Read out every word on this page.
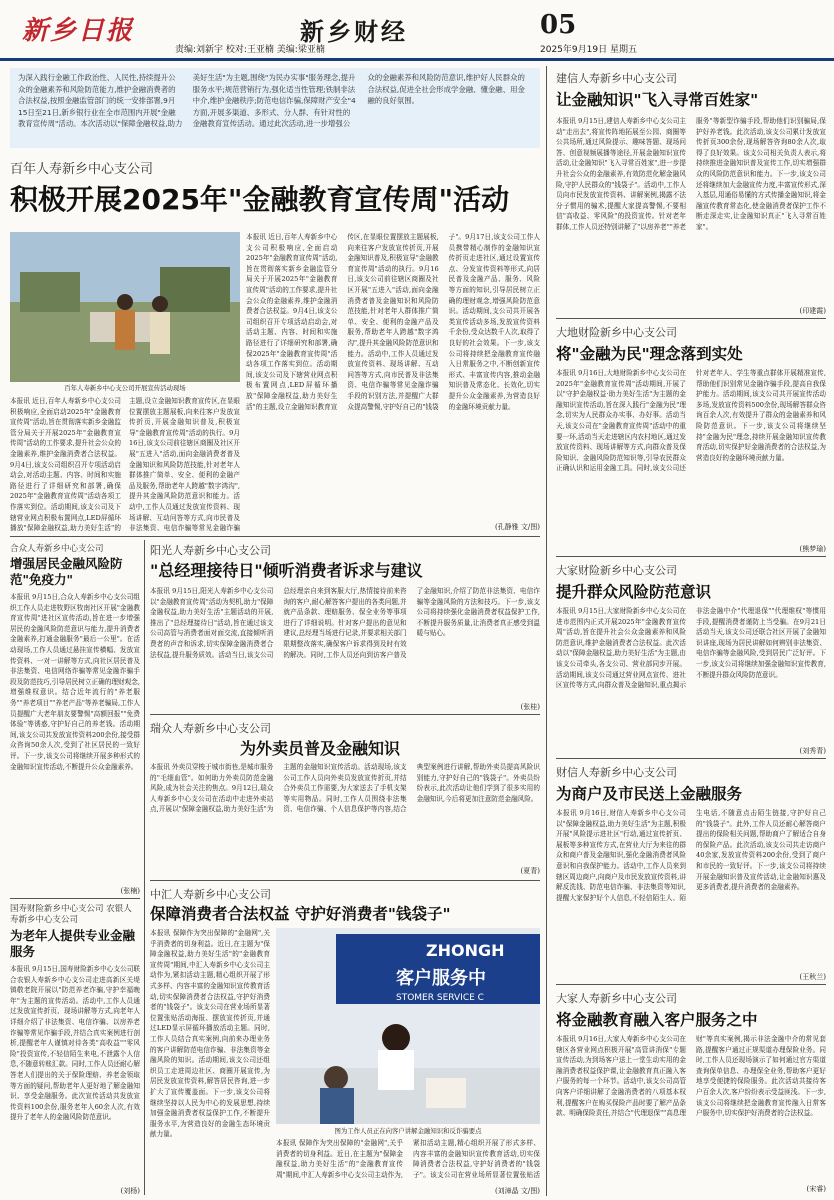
新乡日报	新乡财经
责编:刘新宇 校对:王亚楠 美编:梁亚楠
05
2025年9月19日 星期五
为深入践行金融工作政治性、人民性,持续提升公众的金融素养和风险防范能力,维护金融消费者的合法权益,按照金融监管部门的统一安排部署,9月15日至21日,新乡银行业在全市范围内开展"金融教育宣传周"活动。本次活动以"保障金融权益,助力美好生活"为主题,围绕"为民办实事"服务理念,提升服务水平;规范营销行为,强化适当性管理;铁制非法中介,维护金融秩序;防范电信诈骗,保障财产安全"4方面,开展多渠道、多形式、分人群、有针对性的金融教育宣传活动。通过此次活动,进一步增强公众的金融素养和风险防范意识,维护好人民群众的合法权益,促进全社会形成学金融、懂金融、用金融的良好氛围。
百年人寿新乡中心支公司
积极开展2025年"金融教育宣传周"活动
百年人寿新乡中心支公司开展宣传活动现场
本报讯 近日,百年人寿新乡中心支公司积极响应,全面启动2025年"金融教育宣传周"活动,旨在贯彻落实新乡金融监管分局关于开展2025年"金融教育宣传周"活动的工作要求,提升社会公众的金融素养,维护金融消费者合法权益。9月4日,该支公司组织召开专项活动启动会,对活动主题、内容、时间和实施路径进行了详细研究和部署,确保2025年"金融教育宣传周"活动各项工作落实到位。活动期间,该支公司及下辖营业网点积极布置网点,LED屏循环播放"保障金融权益,助力美好生活"的主题,设立金融知识教育宣传区,在显眼位置摆放主题展板,向来往客户发放宣传折页,开展金融知识普及,积极宣导"金融教育宣传周"活动的执行。9月16日,该支公司前往辖区商圈及社区开展"五进入"活动,面向金融消费者普及金融知识和风险防范技能,针对老年人群体推广简单、安全、便利的金融产品及服务,帮助老年人跨越"数字鸿沟",提升其金融风险防范意识和能力。活动中,工作人员通过发放宣传资料、现场讲解、互动问答等方式,向市民普及非法集资、电信诈骗等常见金融诈骗
本报讯 近日,百年人寿新乡中心支公司积极响应,全面启动2025年"金融教育宣传周"活动,旨在贯彻落实新乡金融监管分局关于开展2025年"金融教育宣传周"活动的工作要求,提升社会公众的金融素养,维护金融消费者合法权益。9月4日,该支公司组织召开专项活动启动会,对活动主题、内容、时间和实施路径进行了详细研究和部署,确保2025年"金融教育宣传周"活动各项工作落实到位。活动期间,该支公司及下辖营业网点积极布置网点,LED屏循环播放"保障金融权益,助力美好生活"的主题,设立金融知识教育宣传区,在显眼位置摆放主题展板,向来往客户发放宣传折页,开展金融知识普及,积极宣导"金融教育宣传周"活动的执行。9月16日,该支公司前往辖区商圈及社区开展"五进入"活动,面向金融消费者普及金融知识和风险防范技能,针对老年人群体推广简单、安全、便利的金融产品及服务,帮助老年人跨越"数字鸿沟",提升其金融风险防范意识和能力。活动中,工作人员通过发放宣传资料、现场讲解、互动问答等方式,向市民普及非法集资、电信诈骗等常见金融诈骗手段的识别方法,并提醒广大群众提高警惕,守护好自己的"钱袋子"。9月17日,该支公司工作人员携带精心制作的金融知识宣传折页走进社区,通过设置宣传点、分发宣传资料等形式,向居民普及金融产品、服务、风险等方面的知识,引导居民树立正确的理财观念,增强风险防范意识。活动期间,支公司共开展各类宣传活动多场,发放宣传资料千余份,受众达数千人次,取得了良好的社会效果。下一步,该支公司将持续把金融教育宣传融入日常服务之中,不断创新宣传形式、丰富宣传内容,推动金融知识普及常态化、长效化,切实提升公众金融素养,为营造良好的金融环境贡献力量。
(孔静雅 文/图)
合众人寿新乡中心支公司
增强居民金融风险防范"免疫力"
本报讯 9月15日,合众人寿新乡中心支公司组织工作人员走进牧野区牧南社区开展"金融教育宣传周"进社区宣传活动,旨在进一步增强居民的金融风险防范意识与能力,提升消费者金融素养,打通金融服务"最后一公里"。在活动现场,工作人员通过悬挂宣传横幅、发放宣传资料、一对一讲解等方式,向社区居民普及非法集资、电信网络诈骗等常见金融诈骗手段及防范技巧,引导居民树立正确的理财观念,增强维权意识。结合近年流行的"养老服务""养老项目""养老产品"等养老骗局,工作人员提醒广大老年朋友要警惕"高额回报""免费体验"等诱惑,守护好自己的养老钱。活动期间,该支公司共发放宣传资料200余份,接受群众咨询50余人次,受到了社区居民的一致好评。下一步,该支公司将继续开展多种形式的金融知识宣传活动,不断提升公众金融素养。
(张楠)
国寿财险新乡中心支公司 农银人寿新乡中心支公司
为老年人提供专业金融服务
本报讯 9月15日,国寿财险新乡中心支公司联合农银人寿新乡中心支公司走进高新区关堤镇敬老院开展以"防范养老诈骗,守护幸福晚年"为主题的宣传活动。活动中,工作人员通过发放宣传折页、现场讲解等方式,向老年人详细介绍了非法集资、电信诈骗、以房养老诈骗等常见诈骗手段,并结合真实案例进行剖析,提醒老年人谨慎对待各类"高收益""零风险"投资宣传,不轻信陌生来电,不泄露个人信息,不随意转账汇款。同时,工作人员还耐心解答老人们提出的关于保险理赔、养老金领取等方面的疑问,帮助老年人更好地了解金融知识、享受金融服务。此次宣传活动共发放宣传资料100余份,服务老年人60余人次,有效提升了老年人的金融风险防范意识。
(刘杨)
阳光人寿新乡中心支公司
"总经理接待日"倾听消费者诉求与建议
本报讯 9月15日,阳光人寿新乡中心支公司以"金融教育宣传周"活动为契机,助力"保障金融权益,助力美好生活"主题活动的开展,推出了"总经理接待日"活动,旨在通过该支公司高管与消费者面对面交流,直接倾听消费者的声音和诉求,切实保障金融消费者合法权益,提升服务质效。活动当日,该支公司总经理亲自来到客服大厅,热情接待前来咨询的客户,耐心解答客户提出的各类问题,并就产品条款、理赔服务、保全业务等事项进行了详细说明。针对客户提出的意见和建议,总经理当场进行记录,并要求相关部门限期整改落实,确保客户诉求得到及时有效的解决。同时,工作人员还向到访客户普及了金融知识,介绍了防范非法集资、电信诈骗等金融风险的方法和技巧。下一步,该支公司将持续强化金融消费者权益保护工作,不断提升服务质量,让消费者真正感受到温暖与贴心。
(张桂)
瑞众人寿新乡中心支公司
为外卖员普及金融知识
本报讯 外卖员穿梭于城市街巷,是城市服务的"毛细血管"。如何助力外卖员防范金融风险,成为社会关注的焦点。9月12日,瑞众人寿新乡中心支公司在活动中走进外卖站点,开展以"保障金融权益,助力美好生活"为主题的金融知识宣传活动。活动现场,该支公司工作人员向外卖员发放宣传折页,并结合外卖员工作需要,为大家送去了手机支架等实用物品。同时,工作人员围绕非法集资、电信诈骗、个人信息保护等内容,结合典型案例进行讲解,帮助外卖员提高风险识别能力,守护好自己的"钱袋子"。外卖员纷纷表示,此次活动让他们学到了很多实用的金融知识,今后将更加注意防范金融风险。
(夏青)
中汇人寿新乡中心支公司
保障消费者合法权益 守护好消费者"钱袋子"
本报讯 保障作为突出保障的"金融网",关乎消费者的切身利益。近日,在主题为"保障金融权益,助力美好生活"的"金融教育宣传周"期间,中汇人寿新乡中心支公司主动作为,紧扣活动主题,精心组织开展了形式多样、内容丰富的金融知识宣传教育活动,切实保障消费者合法权益,守护好消费者的"钱袋子"。该支公司在营业场所显著位置张贴活动海报、摆放宣传折页,并通过LED显示屏循环播放活动主题。同时,工作人员结合真实案例,向前来办理业务的客户讲解防范电信诈骗、非法集资等金融风险的知识。活动期间,该支公司还组织员工走进周边社区、商圈开展宣传,为居民发放宣传资料,解答居民咨询,进一步扩大了宣传覆盖面。下一步,该支公司将继续坚持以人民为中心的发展思想,持续加强金融消费者权益保护工作,不断提升服务水平,为营造良好的金融生态环境贡献力量。
ZHONGH
客户服务中
STOMER SERVICE C
图为工作人员正在向客户讲解金融知识和反诈骗要点
本报讯 保障作为突出保障的"金融网",关乎消费者的切身利益。近日,在主题为"保障金融权益,助力美好生活"的"金融教育宣传周"期间,中汇人寿新乡中心支公司主动作为,紧扣活动主题,精心组织开展了形式多样、内容丰富的金融知识宣传教育活动,切实保障消费者合法权益,守护好消费者的"钱袋子"。该支公司在营业场所显著位置张贴活
(刘漳晶 文/图)
建信人寿新乡中心支公司
让金融知识"飞入寻常百姓家"
本报讯 9月15日,建信人寿新乡中心支公司主动"走出去",将宣传阵地拓展至公园、商圈等公共场所,通过风险提示、趣味答题、现场问答、创意视频展播等途径,开展金融知识宣传活动,让金融知识"飞入寻常百姓家",进一步提升社会公众的金融素养,有效防范化解金融风险,守护人民群众的"钱袋子"。活动中,工作人员向市民发放宣传资料、讲解案例,揭露不法分子惯用的骗术,提醒大家提高警惕,不要相信"高收益、零风险"的投资宣传。针对老年群体,工作人员还特别讲解了"以房养老""养老服务"等新型诈骗手段,帮助他们识别骗局,保护好养老钱。此次活动,该支公司累计发放宣传折页300余份,现场解答咨询80余人次,取得了良好效果。该支公司相关负责人表示,将持续推进金融知识普及宣传工作,切实增强群众的风险防范意识和能力。下一步,该支公司还将继续加大金融宣传力度,丰富宣传形式,深入基层,用通俗易懂的方式传播金融知识,将金融宣传教育常态化,使金融消费者保护工作不断走深走实,让金融知识真正"飞入寻常百姓家"。
(印建霞)
大地财险新乡中心支公司
将"金融为民"理念落到实处
本报讯 9月16日,大地财险新乡中心支公司在2025年"金融教育宣传周"活动期间,开展了以"守护金融权益·助力美好生活"为主题的金融知识宣传活动,旨在深入践行"金融为民"理念,切实为人民群众办实事、办好事。活动当天,该支公司在"金融教育宣传周"活动中的重要一环,活动当天走进辖区内农村地区,通过发放宣传资料、现场讲解等方式,向群众普及保险知识、金融风险防范知识等,引导农民群众正确认识和运用金融工具。同时,该支公司还针对老年人、学生等重点群体开展精准宣传,帮助他们识别常见金融诈骗手段,提高自我保护能力。活动期间,该支公司共开展宣传活动多场,发放宣传资料500余份,现场解答群众咨询百余人次,有效提升了群众的金融素养和风险防范意识。下一步,该支公司将继续坚持"金融为民"理念,持续开展金融知识宣传教育活动,切实保护好金融消费者的合法权益,为营造良好的金融环境贡献力量。
(熊梦瑜)
大家财险新乡中心支公司
提升群众风险防范意识
本报讯 9月15日,大家财险新乡中心支公司在进市范围内正式开展2025年"金融教育宣传周"活动,旨在提升社会公众金融素养和风险防范意识,维护金融消费者合法权益。此次活动以"保障金融权益,助力美好生活"为主题,由该支公司牵头,各支公司、营业部同步开展。活动期间,该支公司通过营业网点宣传、进社区宣传等方式,向群众普及金融知识,重点揭示非法金融中介"代理退保""代理维权"等惯用手段,提醒消费者谨防上当受骗。在9月21日活动当天,该支公司还联合社区开展了金融知识讲座,现场为居民讲解如何辨别非法集资、电信诈骗等金融风险,受到居民广泛好评。下一步,该支公司将继续加强金融知识宣传教育,不断提升群众风险防范意识。
(刘秀青)
财信人寿新乡中心支公司
为商户及市民送上金融服务
本报讯 9月16日,财信人寿新乡中心支公司以"保障金融权益,助力美好生活"为主题,积极开展"风险提示进社区"行动,通过宣传折页、展板等多种宣传方式,在营业大厅为来往的群众和商户普及金融知识,强化金融消费者风险意识和自我保护能力。活动中,工作人员来到辖区周边商户,向商户及市民发放宣传资料,讲解反洗钱、防范电信诈骗、非法集资等知识,提醒大家保护好个人信息,不轻信陌生人、陌生电话,不随意点击陌生链接,守护好自己的"钱袋子"。此外,工作人员还耐心解答商户提出的保险相关问题,帮助商户了解适合自身的保险产品。此次活动,该支公司共走访商户40余家,发放宣传资料200余份,受到了商户和市民的一致好评。下一步,该支公司将持续开展金融知识普及宣传活动,让金融知识惠及更多消费者,提升消费者的金融素养。
(王秋兰)
大家人寿新乡中心支公司
将金融教育融入客户服务之中
本报讯 9月16日,大家人寿新乡中心支公司在辖区各营业网点积极开展"高管讲消保"专题宣传活动,为到场客户送上一堂生动实用的金融消费者权益保护课,让金融教育真正融入客户服务的每一个环节。活动中,该支公司高管向客户详细讲解了金融消费者的八项基本权利,提醒客户在购买保险产品时要了解产品条款、明确保险责任,并结合"代理退保""高息理财"等真实案例,揭示非法金融中介的常见套路,提醒客户通过正规渠道办理保险业务。同时,工作人员还现场演示了如何通过官方渠道查询保单信息、办理保全业务,帮助客户更好地享受便捷的保险服务。此次活动共接待客户百余人次,客户纷纷表示受益匪浅。下一步,该支公司将继续把金融教育宣传融入日常客户服务中,切实保护好消费者的合法权益。
(宋睿)
